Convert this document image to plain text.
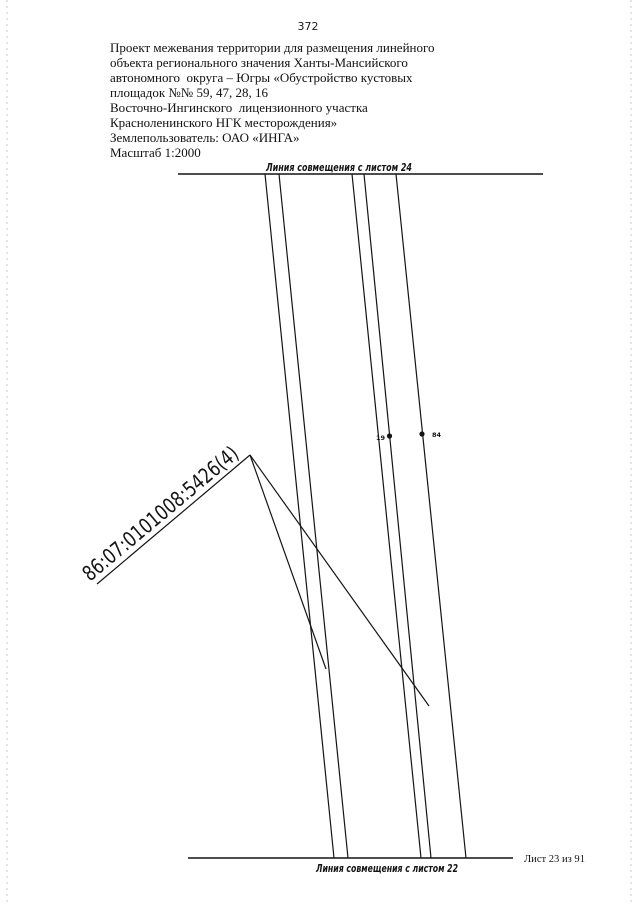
372
Проект межевания территории для размещения линейного
объекта регионального значения Ханты-Мансийского
автономного  округа – Югры «Обустройство кустовых
площадок №№ 59, 47, 28, 16
Восточно-Ингинского  лицензионного участка
Красноленинского НГК месторождения»
Землепользователь: ОАО «ИНГА»
Масштаб 1:2000
Линия совмещения с листом 24
Линия совмещения с листом 22
Лист 23 из 91
19	84
86:07:0101008:5426(4)
